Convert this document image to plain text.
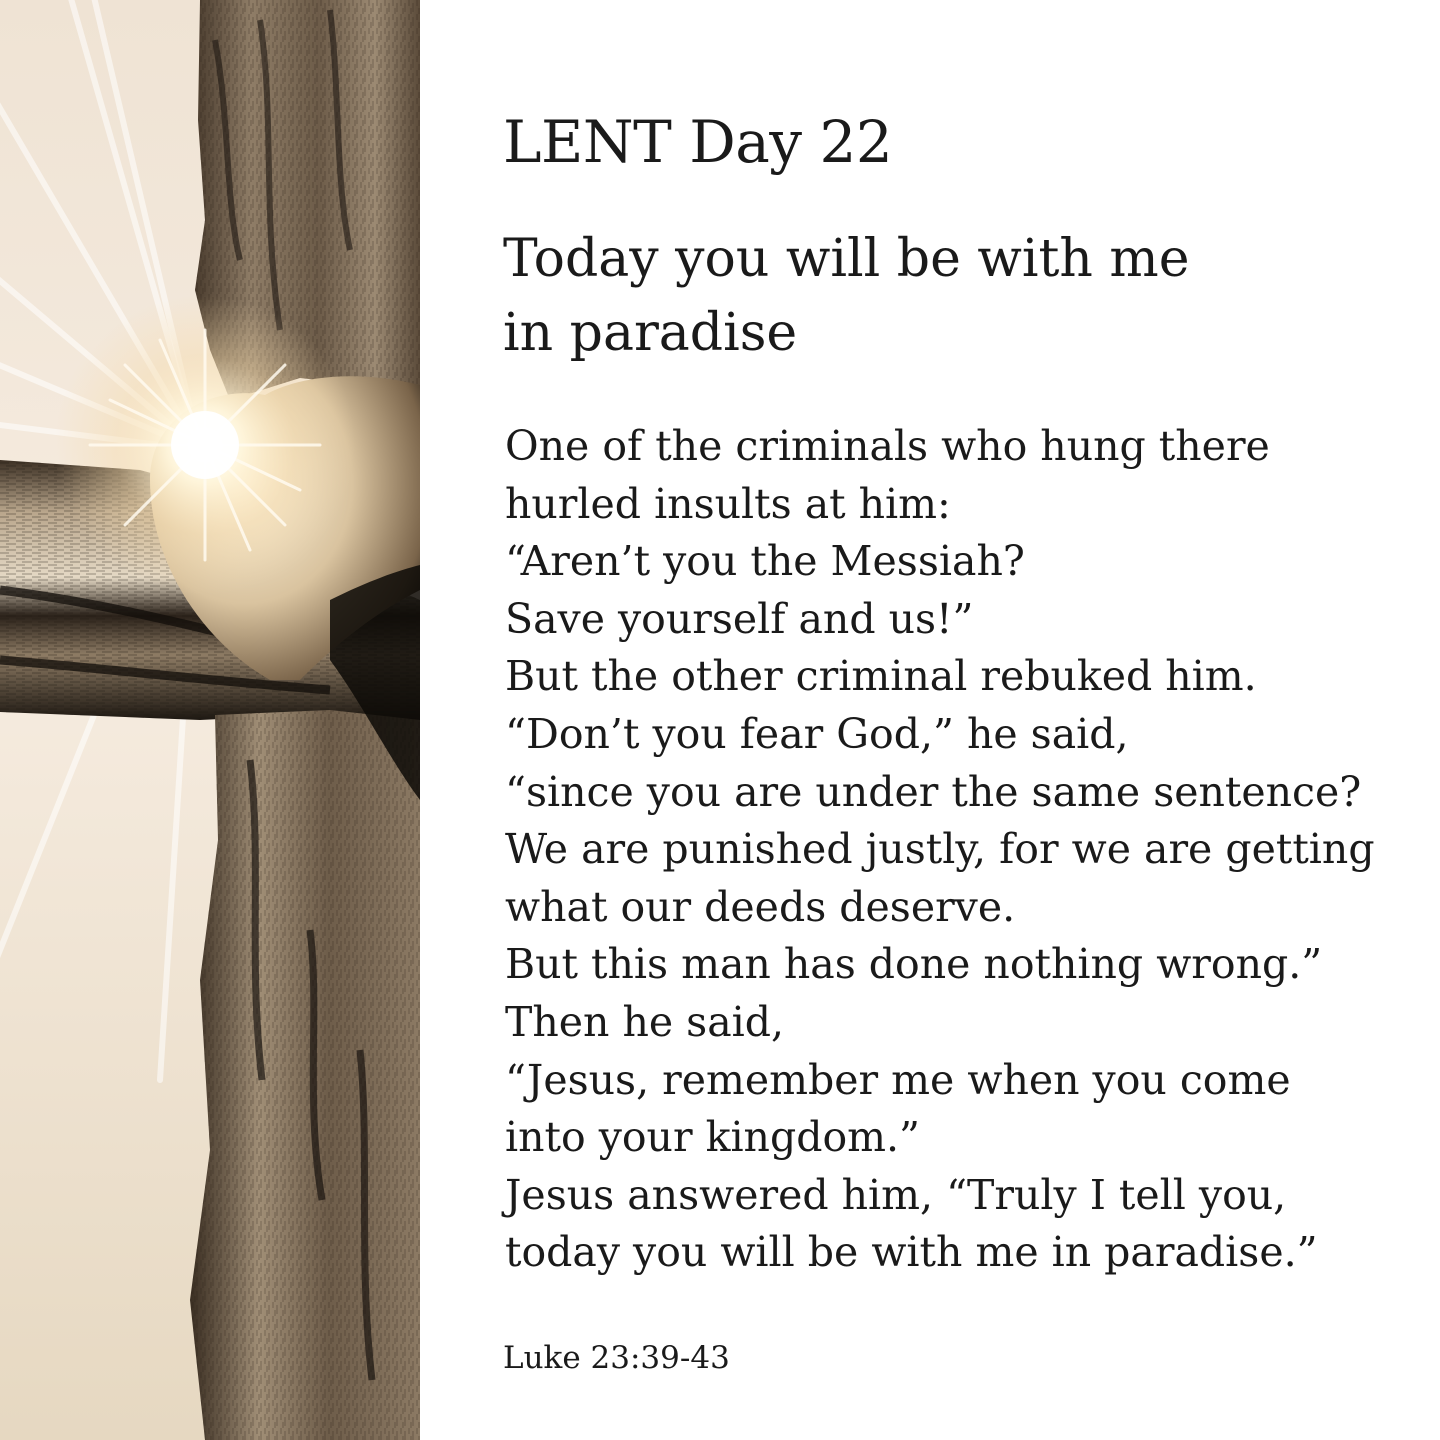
LENT Day 22
Today you will be with me
in paradise
One of the criminals who hung there
hurled insults at him:
“Aren’t you the Messiah?
Save yourself and us!”
But the other criminal rebuked him.
“Don’t you fear God,” he said,
“since you are under the same sentence?
We are punished justly, for we are getting
what our deeds deserve.
But this man has done nothing wrong.”
Then he said,
“Jesus, remember me when you come
into your kingdom.”
Jesus answered him, “Truly I tell you,
today you will be with me in paradise.”

Luke 23:39-43
